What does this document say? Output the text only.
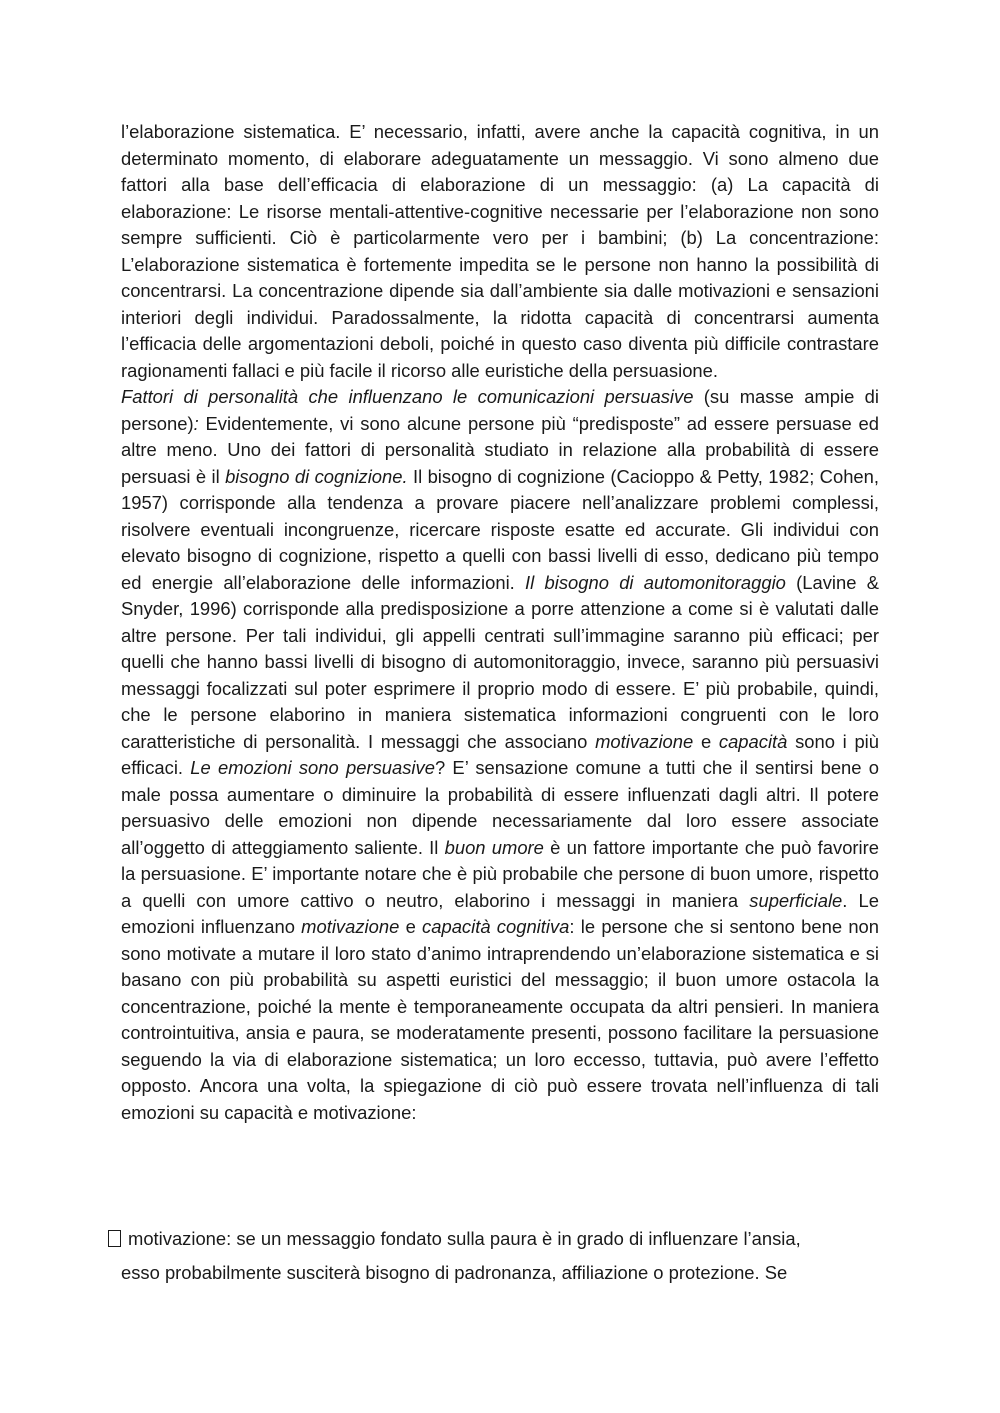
l’elaborazione sistematica. E’ necessario, infatti, avere anche la capacità cognitiva, in un determinato momento, di elaborare adeguatamente un messaggio. Vi sono almeno due fattori alla base dell’efficacia di elaborazione di un messaggio: (a) La capacità di elaborazione: Le risorse mentali-attentive-cognitive necessarie per l’elaborazione non sono sempre sufficienti. Ciò è particolarmente vero per i bambini; (b) La concentrazione: L’elaborazione sistematica è fortemente impedita se le persone non hanno la possibilità di concentrarsi. La concentrazione dipende sia dall’ambiente sia dalle motivazioni e sensazioni interiori degli individui. Paradossalmente, la ridotta capacità di concentrarsi aumenta l’efficacia delle argomentazioni deboli, poiché in questo caso diventa più difficile contrastare ragionamenti fallaci e più facile il ricorso alle euristiche della persuasione.

Fattori di personalità che influenzano le comunicazioni persuasive (su masse ampie di persone): Evidentemente, vi sono alcune persone più “predisposte” ad essere persuase ed altre meno. Uno dei fattori di personalità studiato in relazione alla probabilità di essere persuasi è il bisogno di cognizione. Il bisogno di cognizione (Cacioppo & Petty, 1982; Cohen, 1957) corrisponde alla tendenza a provare piacere nell’analizzare problemi complessi, risolvere eventuali incongruenze, ricercare risposte esatte ed accurate. Gli individui con elevato bisogno di cognizione, rispetto a quelli con bassi livelli di esso, dedicano più tempo ed energie all’elaborazione delle informazioni. Il bisogno di automonitoraggio (Lavine & Snyder, 1996) corrisponde alla predisposizione a porre attenzione a come si è valutati dalle altre persone. Per tali individui, gli appelli centrati sull’immagine saranno più efficaci; per quelli che hanno bassi livelli di bisogno di automonitoraggio, invece, saranno più persuasivi messaggi focalizzati sul poter esprimere il proprio modo di essere. E’ più probabile, quindi, che le persone elaborino in maniera sistematica informazioni congruenti con le loro caratteristiche di personalità. I messaggi che associano motivazione e capacità sono i più efficaci. Le emozioni sono persuasive? E’ sensazione comune a tutti che il sentirsi bene o male possa aumentare o diminuire la probabilità di essere influenzati dagli altri. Il potere persuasivo delle emozioni non dipende necessariamente dal loro essere associate all’oggetto di atteggiamento saliente. Il buon umore è un fattore importante che può favorire la persuasione. E’ importante notare che è più probabile che persone di buon umore, rispetto a quelli con umore cattivo o neutro, elaborino i messaggi in maniera superficiale. Le emozioni influenzano motivazione e capacità cognitiva: le persone che si sentono bene non sono motivate a mutare il loro stato d’animo intraprendendo un’elaborazione sistematica e si basano con più probabilità su aspetti euristici del messaggio; il buon umore ostacola la concentrazione, poiché la mente è temporaneamente occupata da altri pensieri. In maniera controintuitiva, ansia e paura, se moderatamente presenti, possono facilitare la persuasione seguendo la via di elaborazione sistematica; un loro eccesso, tuttavia, può avere l’effetto opposto. Ancora una volta, la spiegazione di ciò può essere trovata nell’influenza di tali emozioni su capacità e motivazione:

motivazione: se un messaggio fondato sulla paura è in grado di influenzare l’ansia,

esso probabilmente susciterà bisogno di padronanza, affiliazione o protezione. Se
